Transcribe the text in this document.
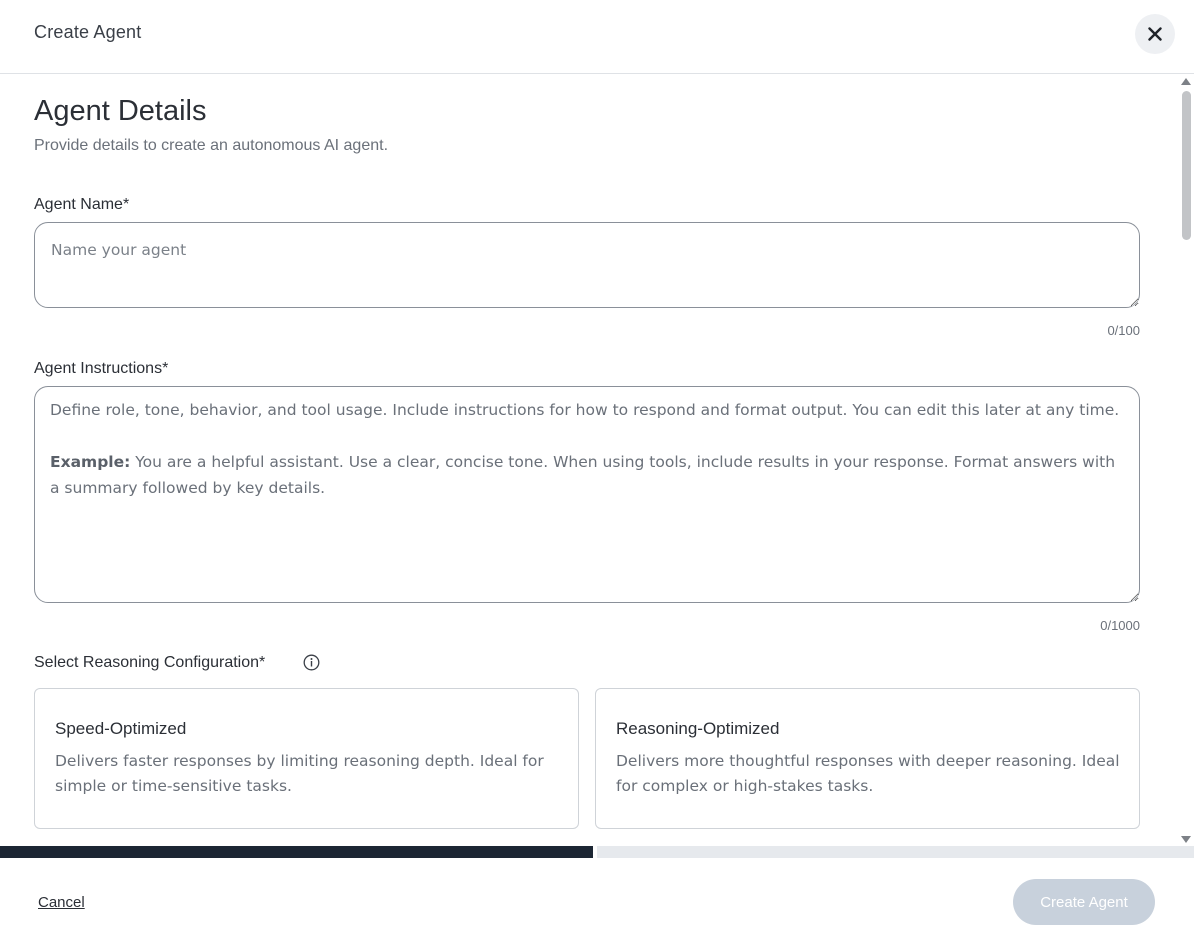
Create Agent
Agent Details
Provide details to create an autonomous AI agent.
Agent Name*
Name your agent
0/100
Agent Instructions*
Define role, tone, behavior, and tool usage. Include instructions for how to respond and format output. You can edit this later at any time.
Example: You are a helpful assistant. Use a clear, concise tone. When using tools, include results in your response. Format answers with a summary followed by key details.
0/1000
Select Reasoning Configuration*
Speed-Optimized
Delivers faster responses by limiting reasoning depth. Ideal for simple or time-sensitive tasks.
Reasoning-Optimized
Delivers more thoughtful responses with deeper reasoning. Ideal for complex or high-stakes tasks.
Cancel	Create Agent
